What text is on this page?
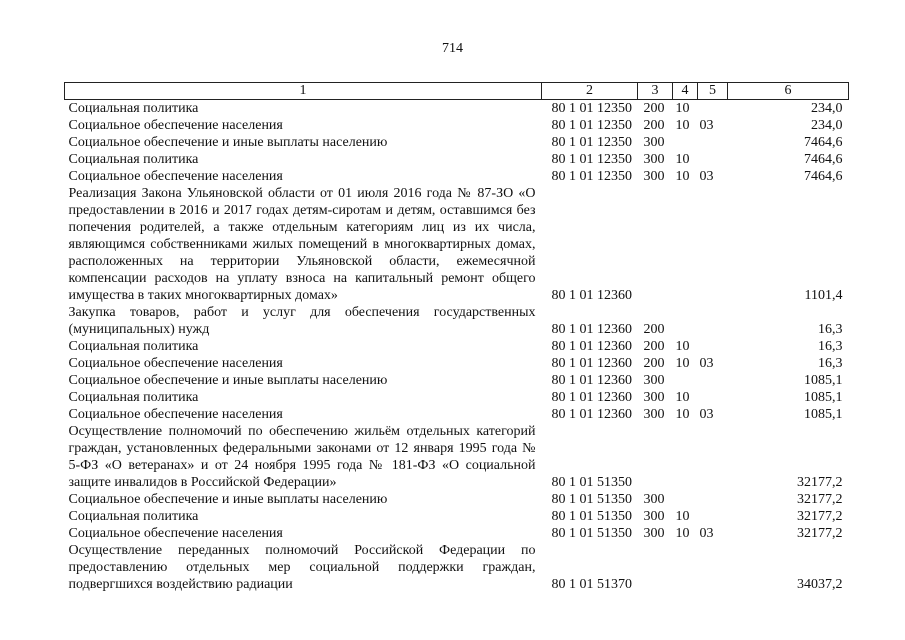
714
1	2	3	4	5	6
Социальная политика	80 1 01 12350	200	10		234,0
Социальное обеспечение населения	80 1 01 12350	200	10	03	234,0
Социальное обеспечение и иные выплаты населению	80 1 01 12350	300			7464,6
Социальная политика	80 1 01 12350	300	10		7464,6
Социальное обеспечение населения	80 1 01 12350	300	10	03	7464,6
Реализация Закона Ульяновской области от 01 июля 2016 года № 87-ЗО «О предоставлении в 2016 и 2017 годах детям-сиротам и детям, оставшимся без попечения родителей, а также отдельным категориям лиц из их числа, являющимся собственниками жилых помещений в многоквартирных домах, расположенных на территории Ульяновской области, ежемесячной компенсации расходов на уплату взноса на капитальный ремонт общего имущества в таких многоквартирных домах»	80 1 01 12360				1101,4
Закупка товаров, работ и услуг для обеспечения государственных (муниципальных) нужд	80 1 01 12360	200			16,3
Социальная политика	80 1 01 12360	200	10		16,3
Социальное обеспечение населения	80 1 01 12360	200	10	03	16,3
Социальное обеспечение и иные выплаты населению	80 1 01 12360	300			1085,1
Социальная политика	80 1 01 12360	300	10		1085,1
Социальное обеспечение населения	80 1 01 12360	300	10	03	1085,1
Осуществление полномочий по обеспечению жильём отдельных категорий граждан, установленных федеральными законами от 12 января 1995 года № 5-ФЗ «О ветеранах» и от 24 ноября 1995 года № 181-ФЗ «О социальной защите инвалидов в Российской Федерации»	80 1 01 51350				32177,2
Социальное обеспечение и иные выплаты населению	80 1 01 51350	300			32177,2
Социальная политика	80 1 01 51350	300	10		32177,2
Социальное обеспечение населения	80 1 01 51350	300	10	03	32177,2
Осуществление переданных полномочий Российской Федерации по предоставлению отдельных мер социальной поддержки граждан, подвергшихся воздействию радиации	80 1 01 51370				34037,2
